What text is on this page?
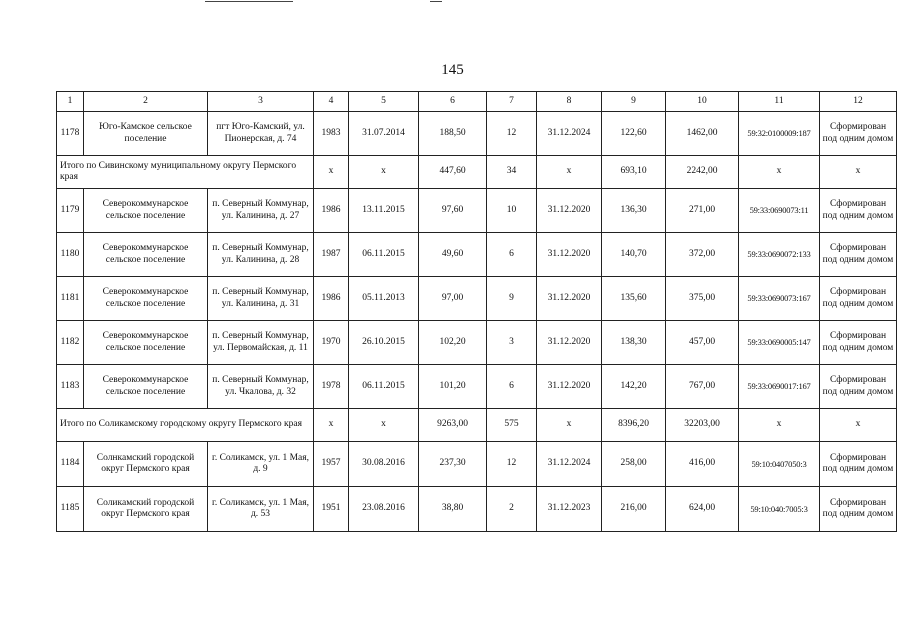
145
1	2	3	4	5	6	7	8	9	10	11	12
1178	Юго-Камское сельское поселение	пгт Юго-Камский, ул. Пионерская, д. 74	1983	31.07.2014	188,50	12	31.12.2024	122,60	1462,00	59:32:0100009:187	Сформирован под одним домом
Итого по Сивинскому муниципальному округу Пермского края			х	х	447,60	34	х	693,10	2242,00	х	х
1179	Северокоммунарское сельское поселение	п. Северный Коммунар, ул. Калинина, д. 27	1986	13.11.2015	97,60	10	31.12.2020	136,30	271,00	59:33:0690073:11	Сформирован под одним домом
1180	Северокоммунарское сельское поселение	п. Северный Коммунар, ул. Калинина, д. 28	1987	06.11.2015	49,60	6	31.12.2020	140,70	372,00	59:33:0690072:133	Сформирован под одним домом
1181	Северокоммунарское сельское поселение	п. Северный Коммунар, ул. Калинина, д. 31	1986	05.11.2013	97,00	9	31.12.2020	135,60	375,00	59:33:0690073:167	Сформирован под одним домом
1182	Северокоммунарское сельское поселение	п. Северный Коммунар, ул. Первомайская, д. 11	1970	26.10.2015	102,20	3	31.12.2020	138,30	457,00	59:33:0690005:147	Сформирован под одним домом
1183	Северокоммунарское сельское поселение	п. Северный Коммунар, ул. Чкалова, д. 32	1978	06.11.2015	101,20	6	31.12.2020	142,20	767,00	59:33:0690017:167	Сформирован под одним домом
Итого по Соликамскому городскому округу Пермского края			х	х	9263,00	575	х	8396,20	32203,00	х	х
1184	Солнкамский городской округ Пермского края	г. Соликамск, ул. 1 Мая, д. 9	1957	30.08.2016	237,30	12	31.12.2024	258,00	416,00	59:10:0407050:3	Сформирован под одним домом
1185	Соликамский городской округ Пермского края	г. Соликамск, ул. 1 Мая, д. 53	1951	23.08.2016	38,80	2	31.12.2023	216,00	624,00	59:10:040:7005:3	Сформирован под одним домом
